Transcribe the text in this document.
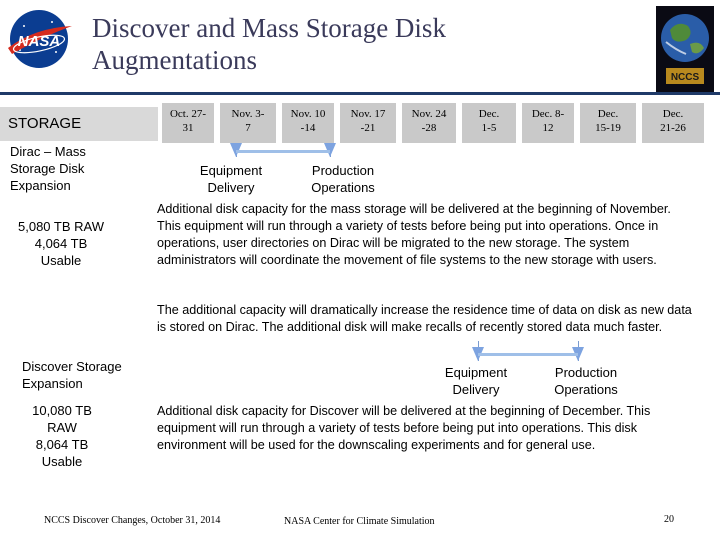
NASA Discover and Mass Storage Disk
Augmentations
NCCS
STORAGE
Oct. 27-
31
Nov. 3-
7
Nov. 10
-14
Nov. 17
-21
Nov. 24
-28
Dec.
1-5
Dec. 8-
12
Dec.
15-19
Dec.
21-26
Dirac – Mass
Storage Disk
Expansion
5,080 TB RAW
4,064 TB
Usable
Equipment
Delivery
Production
Operations
Additional disk capacity for the mass storage will be delivered at the beginning of November. This equipment will run through a variety of tests before being put into operations. Once in operations, user directories on Dirac will be migrated to the new storage. The system administrators will coordinate the movement of file systems to the new storage with users.
The additional capacity will dramatically increase the residence time of data on disk as new data is stored on Dirac. The additional disk will make recalls of recently stored data much faster.
Discover Storage
Expansion
10,080 TB
RAW
8,064 TB
Usable
Equipment
Delivery
Production
Operations
Additional disk capacity for Discover will be delivered at the beginning of December. This equipment will run through a variety of tests before being put into operations. This disk environment will be used for the downscaling experiments and for general use.
NCCS Discover Changes, October 31, 2014	NASA Center for Climate Simulation	20
